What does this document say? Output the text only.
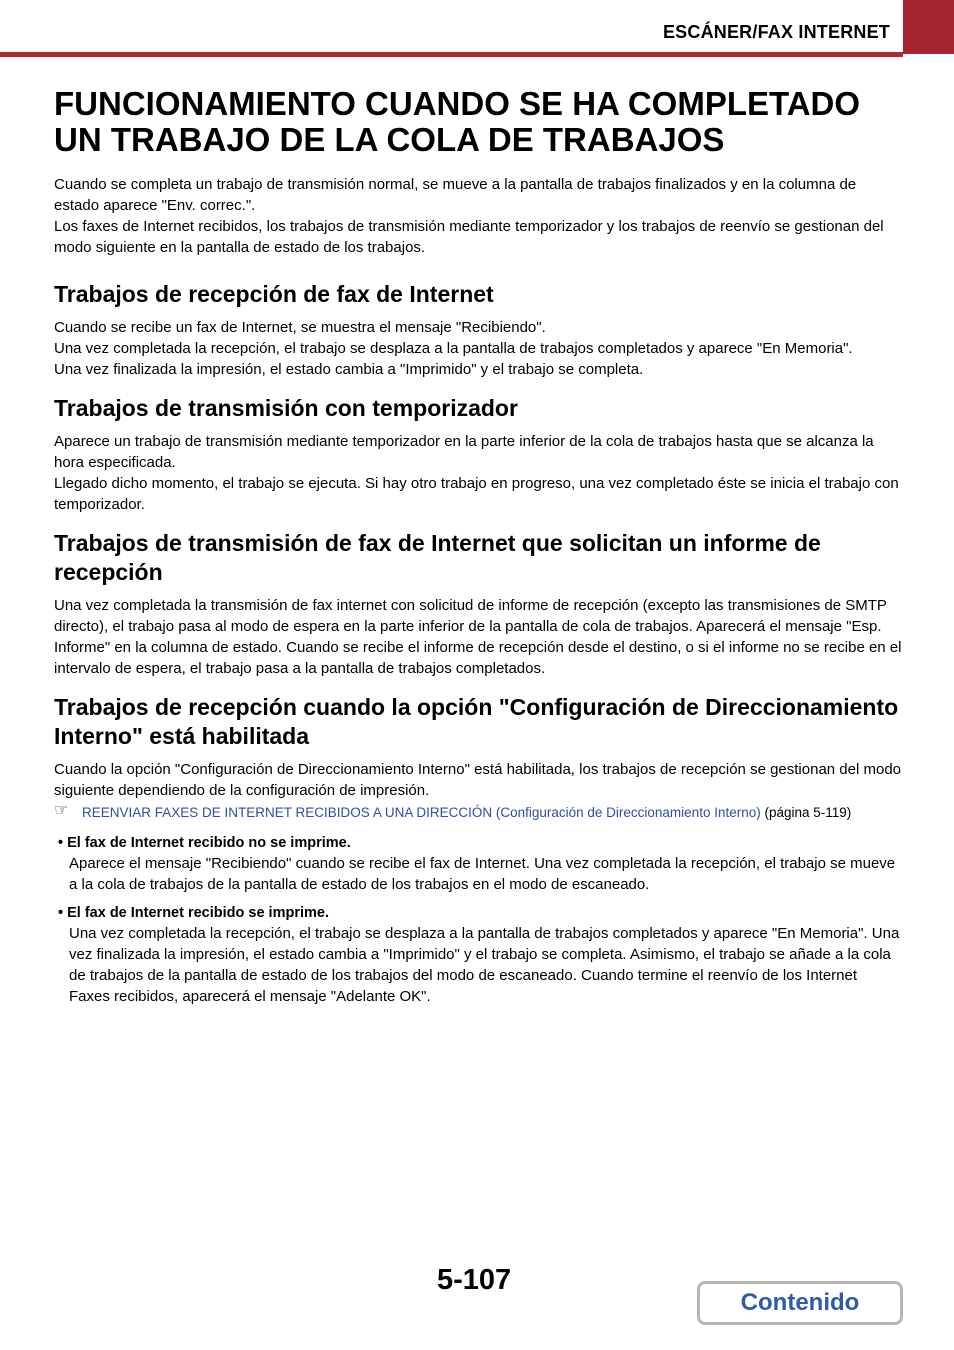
ESCÁNER/FAX INTERNET
FUNCIONAMIENTO CUANDO SE HA COMPLETADO UN TRABAJO DE LA COLA DE TRABAJOS

Cuando se completa un trabajo de transmisión normal, se mueve a la pantalla de trabajos finalizados y en la columna de estado aparece "Env. correc.".

Los faxes de Internet recibidos, los trabajos de transmisión mediante temporizador y los trabajos de reenvío se gestionan del modo siguiente en la pantalla de estado de los trabajos.

Trabajos de recepción de fax de Internet

Cuando se recibe un fax de Internet, se muestra el mensaje "Recibiendo".

Una vez completada la recepción, el trabajo se desplaza a la pantalla de trabajos completados y aparece "En Memoria".

Una vez finalizada la impresión, el estado cambia a "Imprimido" y el trabajo se completa.

Trabajos de transmisión con temporizador

Aparece un trabajo de transmisión mediante temporizador en la parte inferior de la cola de trabajos hasta que se alcanza la hora especificada.

Llegado dicho momento, el trabajo se ejecuta. Si hay otro trabajo en progreso, una vez completado éste se inicia el trabajo con temporizador.

Trabajos de transmisión de fax de Internet que solicitan un informe de recepción

Una vez completada la transmisión de fax internet con solicitud de informe de recepción (excepto las transmisiones de SMTP directo), el trabajo pasa al modo de espera en la parte inferior de la pantalla de cola de trabajos. Aparecerá el mensaje "Esp. Informe" en la columna de estado. Cuando se recibe el informe de recepción desde el destino, o si el informe no se recibe en el intervalo de espera, el trabajo pasa a la pantalla de trabajos completados.

Trabajos de recepción cuando la opción "Configuración de Direccionamiento Interno" está habilitada

Cuando la opción "Configuración de Direccionamiento Interno" está habilitada, los trabajos de recepción se gestionan del modo siguiente dependiendo de la configuración de impresión.

☞	REENVIAR FAXES DE INTERNET RECIBIDOS A UNA DIRECCIÓN (Configuración de Direccionamiento Interno) (página 5-119)
• El fax de Internet recibido no se imprime.
Aparece el mensaje "Recibiendo" cuando se recibe el fax de Internet. Una vez completada la recepción, el trabajo se mueve a la cola de trabajos de la pantalla de estado de los trabajos en el modo de escaneado.
• El fax de Internet recibido se imprime.
Una vez completada la recepción, el trabajo se desplaza a la pantalla de trabajos completados y aparece "En Memoria". Una vez finalizada la impresión, el estado cambia a "Imprimido" y el trabajo se completa. Asimismo, el trabajo se añade a la cola de trabajos de la pantalla de estado de los trabajos del modo de escaneado. Cuando termine el reenvío de los Internet Faxes recibidos, aparecerá el mensaje "Adelante OK".
5-107
Contenido
